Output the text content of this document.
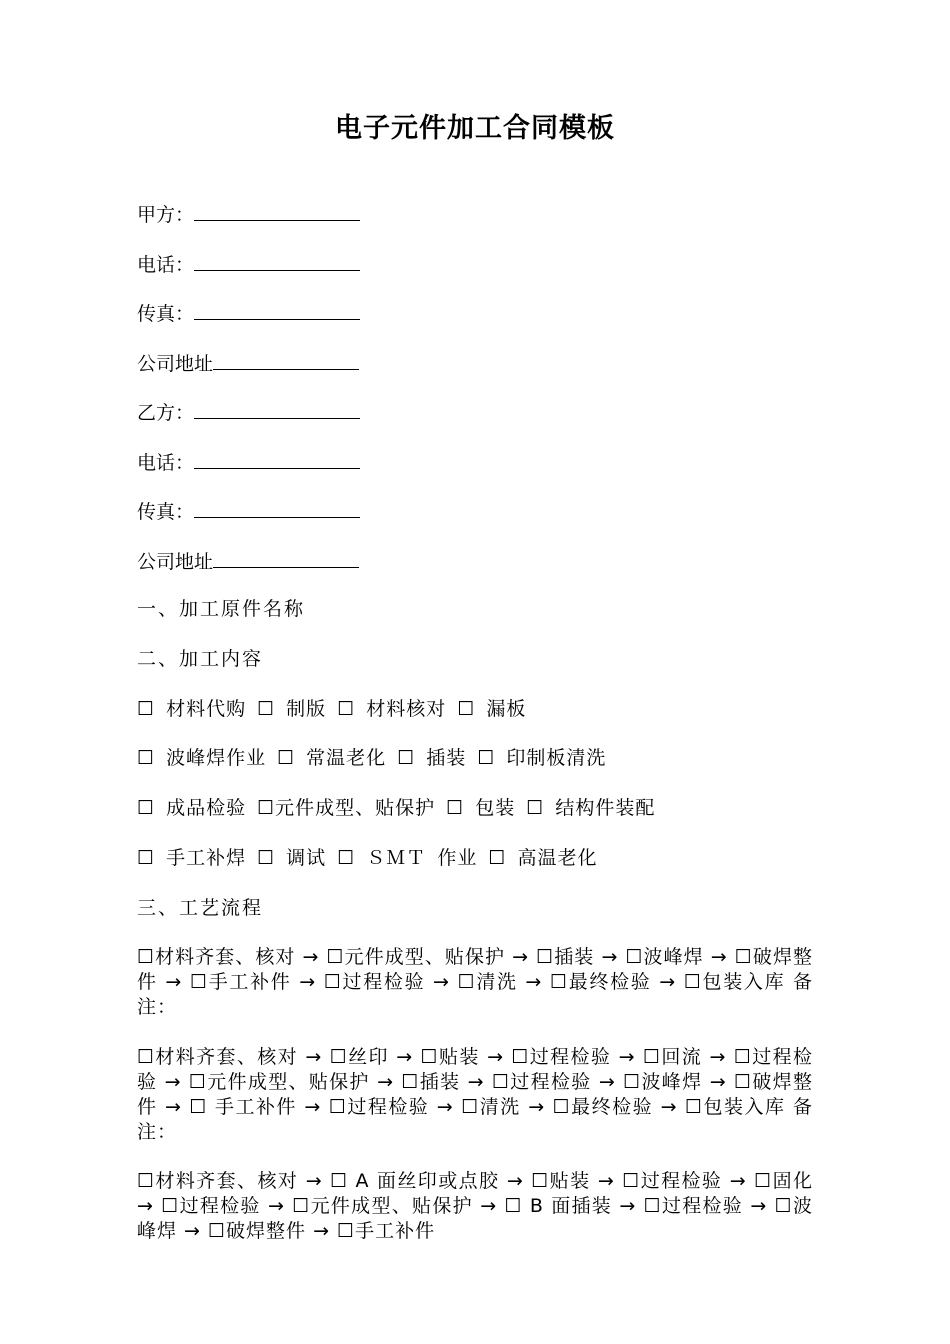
电子元件加工合同模板
甲方：
电话：
传真：
公司地址
乙方：
电话：
传真：
公司地址
一、加工原件名称
二、加工内容
☐ 材料代购 ☐ 制版 ☐ 材料核对 ☐ 漏板
☐ 波峰焊作业 ☐ 常温老化 ☐ 插装 ☐ 印制板清洗
☐ 成品检验 ☐元件成型、贴保护 ☐ 包装 ☐ 结构件装配
☐ 手工补焊 ☐ 调试 ☐ ＳＭＴ 作业 ☐ 高温老化
三、工艺流程
☐材料齐套、核对 → ☐元件成型、贴保护 → ☐插装 → ☐波峰焊 → ☐破焊整件 → ☐手工补件 → ☐过程检验 → ☐清洗 → ☐最终检验 → ☐包装入库 备注：
☐材料齐套、核对 → ☐丝印 → ☐贴装 → ☐过程检验 → ☐回流 → ☐过程检验 → ☐元件成型、贴保护 → ☐插装 → ☐过程检验 → ☐波峰焊 → ☐破焊整件 → ☐ 手工补件 → ☐过程检验 → ☐清洗 → ☐最终检验 → ☐包装入库 备注：
☐材料齐套、核对 → ☐ A 面丝印或点胶 → ☐贴装 → ☐过程检验 → ☐固化 → ☐过程检验 → ☐元件成型、贴保护 → ☐ B 面插装 → ☐过程检验 → ☐波峰焊 → ☐破焊整件 → ☐手工补件
